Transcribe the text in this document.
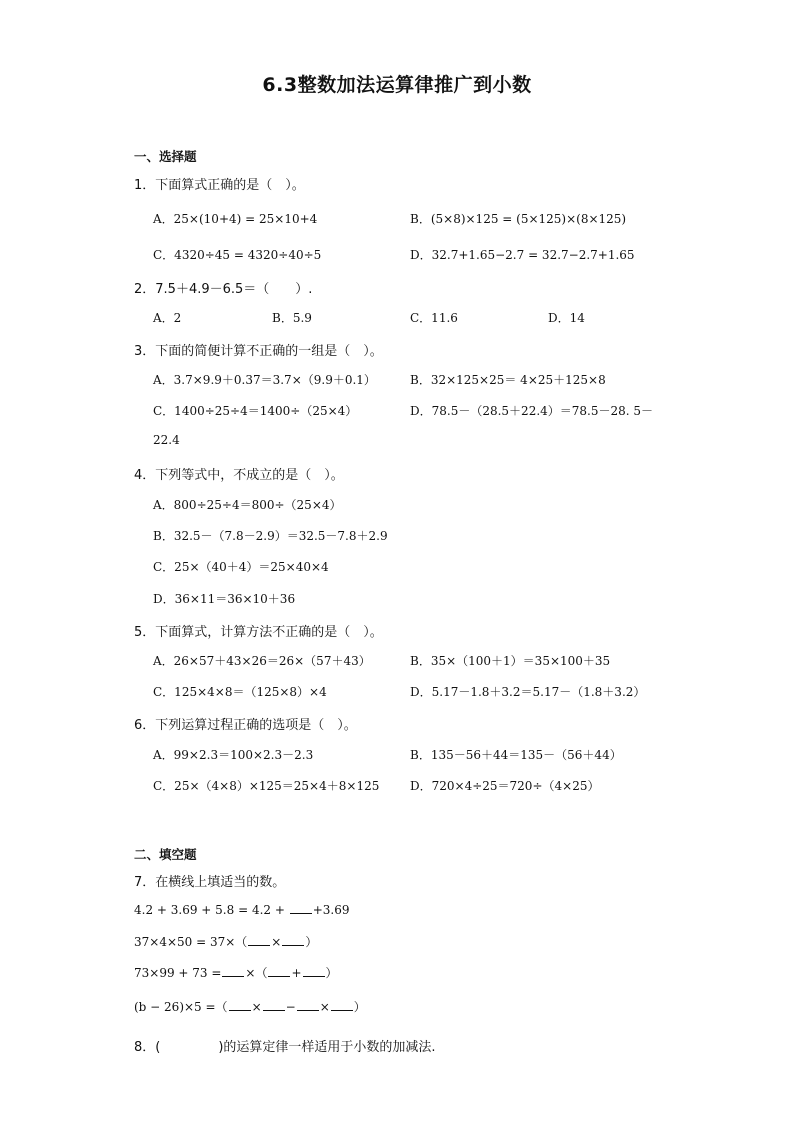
6.3整数加法运算律推广到小数
一、选择题
1．下面算式正确的是（　）。
A．25×(10+4) = 25×10+4	B．(5×8)×125 = (5×125)×(8×125)
C．4320÷45 = 4320÷40÷5	D．32.7+1.65−2.7 = 32.7−2.7+1.65
2．7.5＋4.9－6.5＝（　　）.
A．2	B．5.9	C．11.6	D．14
3．下面的简便计算不正确的一组是（　）。
A．3.7×9.9＋0.37＝3.7×（9.9＋0.1）	B．32×125×25＝ 4×25＋125×8
C．1400÷25÷4＝1400÷（25×4）	D．78.5－（28.5＋22.4）＝78.5－28. 5－
22.4
4．下列等式中，不成立的是（　）。
A．800÷25÷4＝800÷（25×4）
B．32.5－（7.8－2.9）＝32.5－7.8＋2.9
C．25×（40＋4）＝25×40×4
D．36×11＝36×10＋36
5．下面算式，计算方法不正确的是（　）。
A．26×57＋43×26＝26×（57＋43）	B．35×（100＋1）＝35×100＋35
C．125×4×8＝（125×8）×4	D．5.17－1.8＋3.2＝5.17－（1.8＋3.2）
6．下列运算过程正确的选项是（　）。
A．99×2.3＝100×2.3－2.3	B．135－56＋44＝135－（56＋44）
C．25×（4×8）×125＝25×4＋8×125	D．720×4÷25＝720÷（4×25）
二、填空题
7．在横线上填适当的数。
4.2 + 3.69 + 5.8 = 4.2 + +3.69
37×4×50 = 37×（ × ）
73×99 + 73 = ×（ + ）
(b − 26)×5 =（ × − × ）
8．(	)的运算定律一样适用于小数的加减法.
